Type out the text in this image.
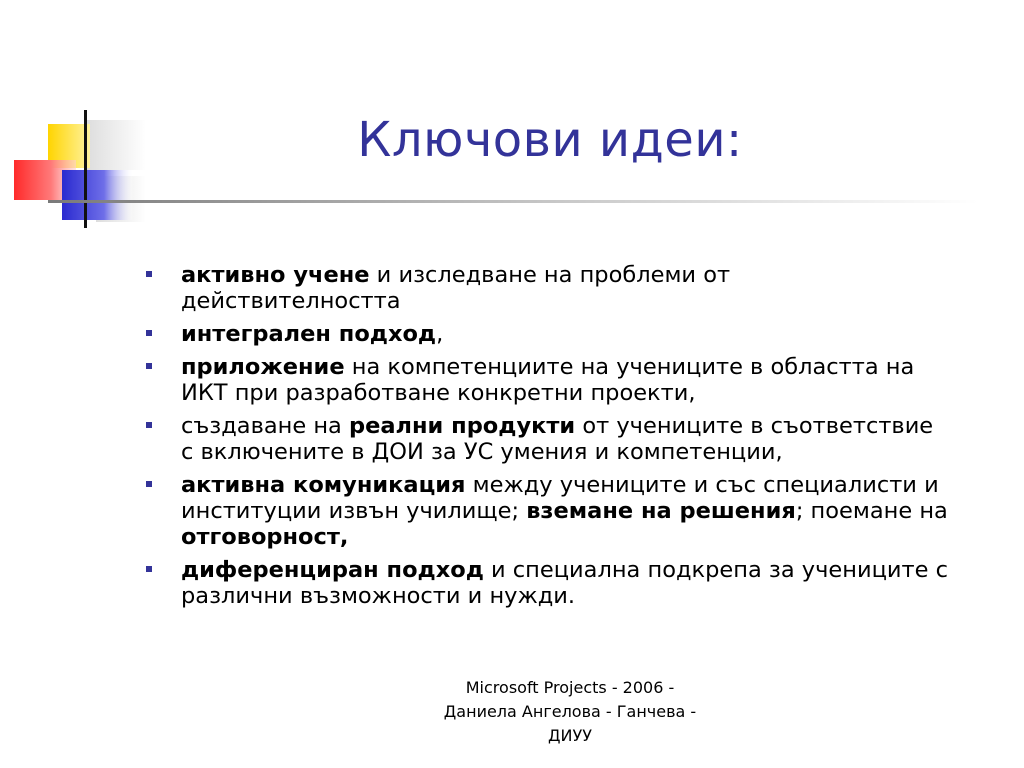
Ключови идеи:
активно учене и изследване на проблеми от действителността
интегрален подход,
приложение на компетенциите на учениците в областта на ИКТ при разработване конкретни проекти,
създаване на реални продукти от учениците в съответствие с включените в ДОИ за УС умения и компетенции,
активна комуникация между учениците и със специалисти и институции извън училище; вземане на решения; поемане на отговорност,
диференциран подход и специална подкрепа за учениците с различни възможности и нужди.
Microsoft Projects - 2006 -
Даниела Ангелова - Ганчева -
ДИУУ
